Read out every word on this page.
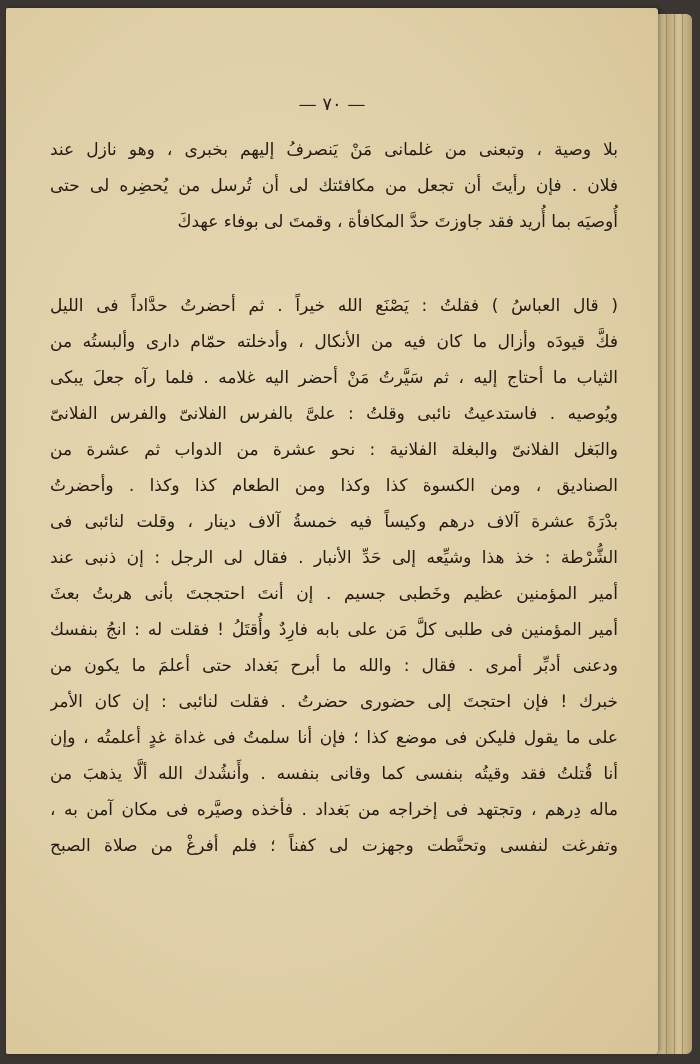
— ٧٠ —
بلا وصية ، وتبعنى من غلمانى مَنْ يَنصرفُ إليهم بخبرى ، وهو نازل عند
فلان . فإن رأيتَ أن تجعل من مكافئتك لى أن تُرسل من يُحضِره لى حتى
أُوصيَه بما أُريد فقد جاوزتَ حدَّ المكافأة ، وقمتَ لى بوفاء عهدكَ
( قال العباسُ ) فقلتُ : يَصْنَع الله خيراً . ثم أحضرتُ حدَّاداً فى الليل
فكَّ قيودَه وأزال ما كان فيه من الأنكال ، وأدخلته حمّام دارى وألبستُه من
الثياب ما أحتاج إليه ، ثم سَيَّرتُ مَنْ أحضر اليه غلامه . فلما رآه جعلَ يبكى
ويُوصيه . فاستدعيتُ نائبى وقلتُ : علىَّ بالفرس الفلانىّ والفرس الفلانىّ
والبَغل الفلانىّ والبغلة الفلانية : نحو عشرة من الدواب ثم عشرة من
الصناديق ، ومن الكسوة كذا وكذا ومن الطعام كذا وكذا . وأحضرتُ
بدْرَةَ عشرة آلاف درهم وكيساً فيه خمسةُ آلاف دينار ، وقلت لنائبى فى
الشُّرْطة : خذ هذا وشيِّعه إلى حَدِّ الأنبار . فقال لى الرجل : إن ذنبى عند
أمير المؤمنين عظيم وخَطبى جسيم . إن أنتَ احتججتَ بأنى هربتُ بعثَ
أمير المؤمنين فى طلبى كلَّ مَن على بابه فارِدٌ وأُقتَلُ ! فقلت له : انجُ بنفسك
ودعنى أدبِّر أمرى . فقال : والله ما أبرح بَغداد حتى أعلمَ ما يكون من
خبرك ! فإن احتجتَ إلى حضورى حضرتُ . فقلت لنائبى : إن كان الأمر
على ما يقول فليكن فى موضع كذا ؛ فإن أنا سلمتُ فى غداة غدٍ أعلمتُه ، وإن
أنا قُتلتُ فقد وقيتُه بنفسى كما وقانى بنفسه . وأَنشُدك الله ألَّا يذهبَ من
ماله دِرهم ، وتجتهد فى إخراجه من بَغداد . فأخذه وصيَّره فى مكان آمن به ،
وتفرغت لنفسى وتحنَّطت وجهزت لى كفناً ؛ فلم أفرغْ من صلاة الصبح
